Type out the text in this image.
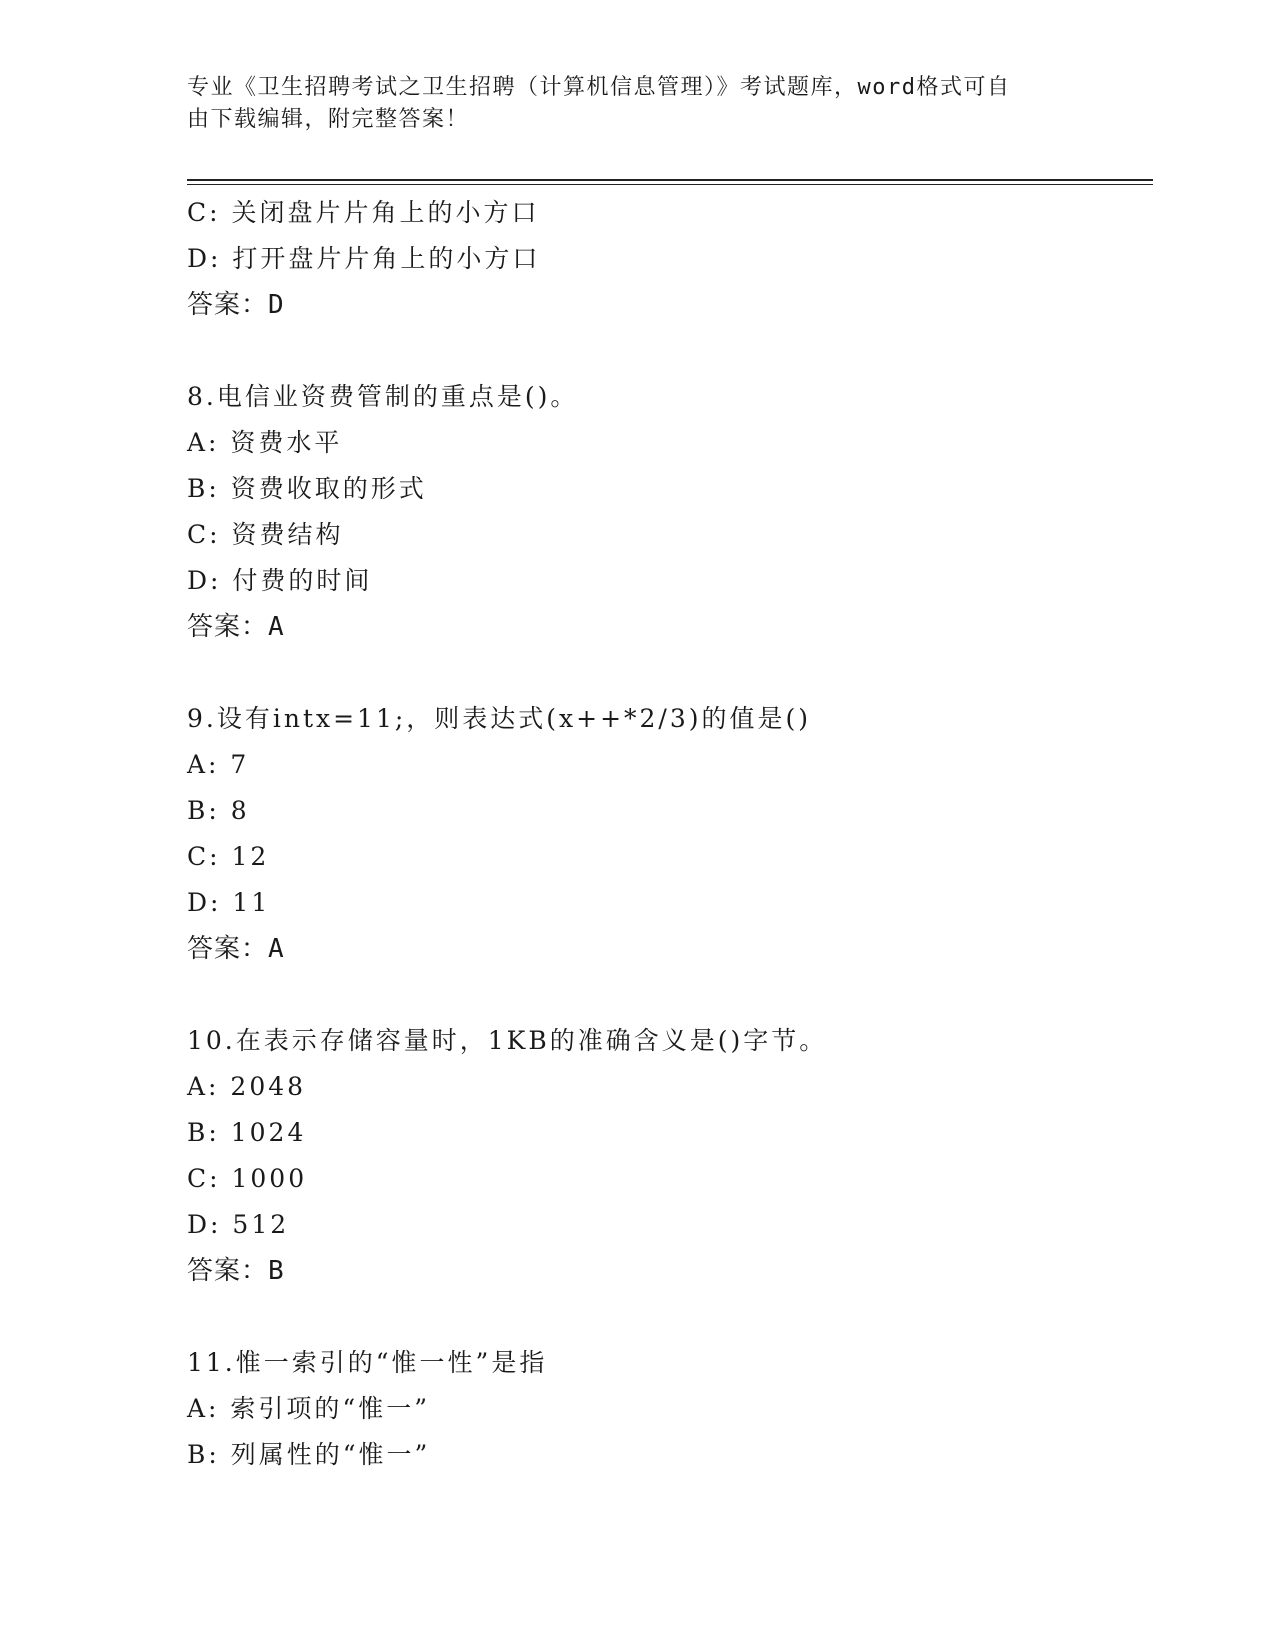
专业《卫生招聘考试之卫生招聘（计算机信息管理）》考试题库，word格式可自
由下载编辑，附完整答案！
C: 关闭盘片片角上的小方口
D: 打开盘片片角上的小方口
答案：D
8.电信业资费管制的重点是()。
A: 资费水平
B: 资费收取的形式
C: 资费结构
D: 付费的时间
答案：A
9.设有intx=11;，则表达式(x++*2/3)的值是()
A: 7
B: 8
C: 12
D: 11
答案：A
10.在表示存储容量时，1KB的准确含义是()字节。
A: 2048
B: 1024
C: 1000
D: 512
答案：B
11.惟一索引的“惟一性”是指
A: 索引项的“惟一”
B: 列属性的“惟一”
